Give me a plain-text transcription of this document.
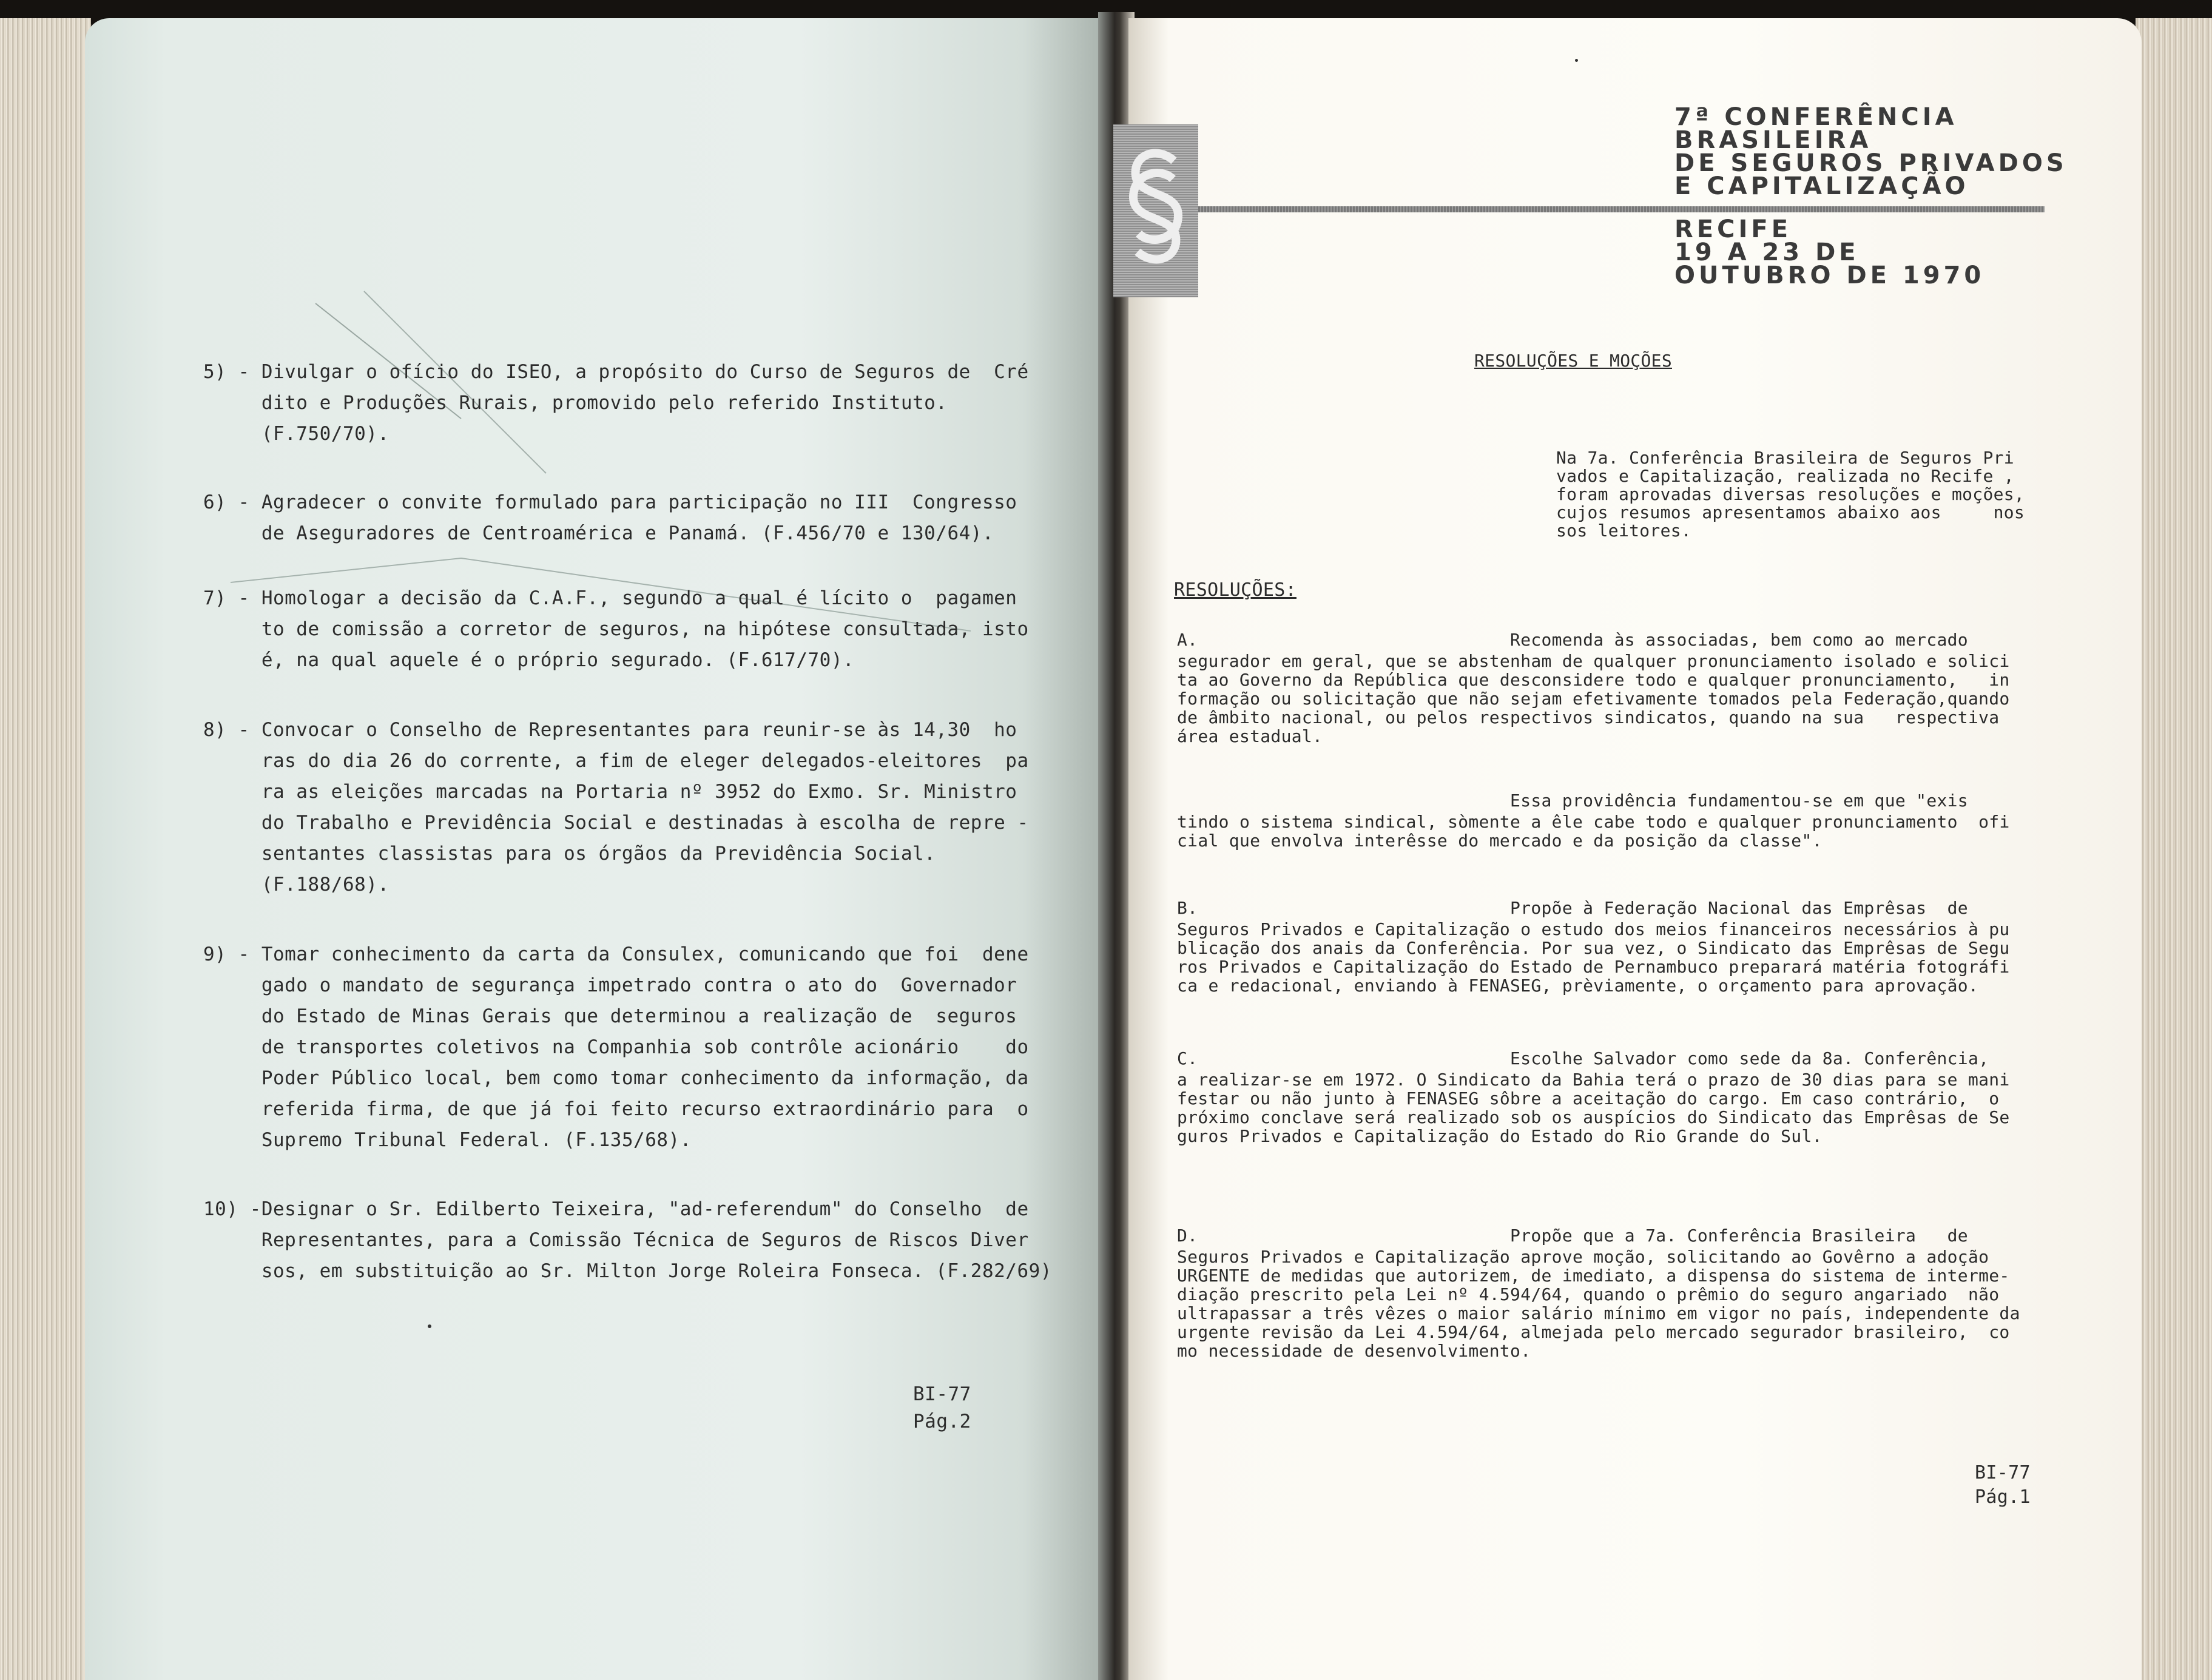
5) - Divulgar o ofício do ISEO, a propósito do Curso de Seguros de  Cré
dito e Produções Rurais, promovido pelo referido Instituto.
(F.750/70).
6) - Agradecer o convite formulado para participação no III  Congresso
de Aseguradores de Centroamérica e Panamá. (F.456/70 e 130/64).
7) - Homologar a decisão da C.A.F., segundo a qual é lícito o  pagamen
to de comissão a corretor de seguros, na hipótese consultada, isto
é, na qual aquele é o próprio segurado. (F.617/70).
8) - Convocar o Conselho de Representantes para reunir-se às 14,30  ho
ras do dia 26 do corrente, a fim de eleger delegados-eleitores  pa
ra as eleições marcadas na Portaria nº 3952 do Exmo. Sr. Ministro
do Trabalho e Previdência Social e destinadas à escolha de repre -
sentantes classistas para os órgãos da Previdência Social.
(F.188/68).
9) - Tomar conhecimento da carta da Consulex, comunicando que foi  dene
gado o mandato de segurança impetrado contra o ato do  Governador
do Estado de Minas Gerais que determinou a realização de  seguros
de transportes coletivos na Companhia sob contrôle acionário    do
Poder Público local, bem como tomar conhecimento da informação, da
referida firma, de que já foi feito recurso extraordinário para  o
Supremo Tribunal Federal. (F.135/68).
10) -Designar o Sr. Edilberto Teixeira, "ad-referendum" do Conselho  de
Representantes, para a Comissão Técnica de Seguros de Riscos Diver
sos, em substituição ao Sr. Milton Jorge Roleira Fonseca. (F.282/69)
BI-77
Pág.2
7ª CONFERÊNCIA
BRASILEIRA
DE SEGUROS PRIVADOS
E CAPITALIZAÇÃO
RECIFE
19 A 23 DE
OUTUBRO DE 1970
RESOLUÇÕES E MOÇÕES
Na 7a. Conferência Brasileira de Seguros Pri
vados e Capitalização, realizada no Recife ,
foram aprovadas diversas resoluções e moções,
cujos resumos apresentamos abaixo aos     nos
sos leitores.
RESOLUÇÕES:
A.                              Recomenda às associadas, bem como ao mercado
segurador em geral, que se abstenham de qualquer pronunciamento isolado e solici
ta ao Governo da República que desconsidere todo e qualquer pronunciamento,   in
formação ou solicitação que não sejam efetivamente tomados pela Federação,quando
de âmbito nacional, ou pelos respectivos sindicatos, quando na sua   respectiva
área estadual.
Essa providência fundamentou-se em que "exis
tindo o sistema sindical, sòmente a êle cabe todo e qualquer pronunciamento  ofi
cial que envolva interêsse do mercado e da posição da classe".
B.                              Propõe à Federação Nacional das Emprêsas  de
Seguros Privados e Capitalização o estudo dos meios financeiros necessários à pu
blicação dos anais da Conferência. Por sua vez, o Sindicato das Emprêsas de Segu
ros Privados e Capitalização do Estado de Pernambuco preparará matéria fotográfi
ca e redacional, enviando à FENASEG, prèviamente, o orçamento para aprovação.
C.                              Escolhe Salvador como sede da 8a. Conferência,
a realizar-se em 1972. O Sindicato da Bahia terá o prazo de 30 dias para se mani
festar ou não junto à FENASEG sôbre a aceitação do cargo. Em caso contrário,  o
próximo conclave será realizado sob os auspícios do Sindicato das Emprêsas de Se
guros Privados e Capitalização do Estado do Rio Grande do Sul.
D.                              Propõe que a 7a. Conferência Brasileira   de
Seguros Privados e Capitalização aprove moção, solicitando ao Govêrno a adoção
URGENTE de medidas que autorizem, de imediato, a dispensa do sistema de interme-
diação prescrito pela Lei nº 4.594/64, quando o prêmio do seguro angariado  não
ultrapassar a três vêzes o maior salário mínimo em vigor no país, independente da
urgente revisão da Lei 4.594/64, almejada pelo mercado segurador brasileiro,  co
mo necessidade de desenvolvimento.
BI-77
Pág.1
